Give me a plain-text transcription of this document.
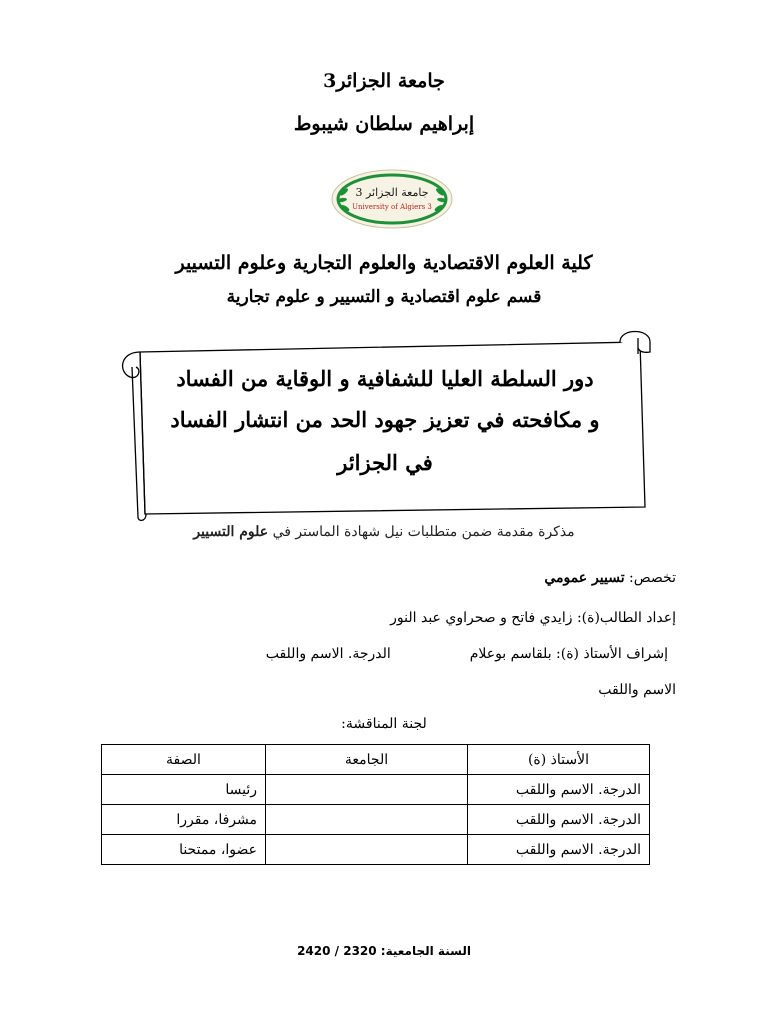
جامعة الجزائر3
إبراهيم سلطان شيبوط
جامعة الجزائر 3
University of Algiers 3
كلية العلوم الاقتصادية والعلوم التجارية وعلوم التسيير
قسم علوم اقتصادية و التسيير و علوم تجارية
دور السلطة العليا للشفافية و الوقاية من الفساد
و مكافحته في تعزيز جهود الحد من انتشار الفساد
في الجزائر
مذكرة مقدمة ضمن متطلبات نيل شهادة الماستر في علوم التسيير
تخصص: تسيير عمومي
إعداد الطالب(ة): زايدي فاتح و صحراوي عبد النور
إشراف الأستاذ (ة): بلقاسم بوعلام  الدرجة. الاسم واللقب
الاسم واللقب
لجنة المناقشة:
الأستاذ (ة)	الجامعة	الصفة
الدرجة. الاسم واللقب		رئيسا
الدرجة. الاسم واللقب		مشرفا، مقررا
الدرجة. الاسم واللقب		عضوا، ممتحنا
السنة الجامعية: 2320 / 2420
